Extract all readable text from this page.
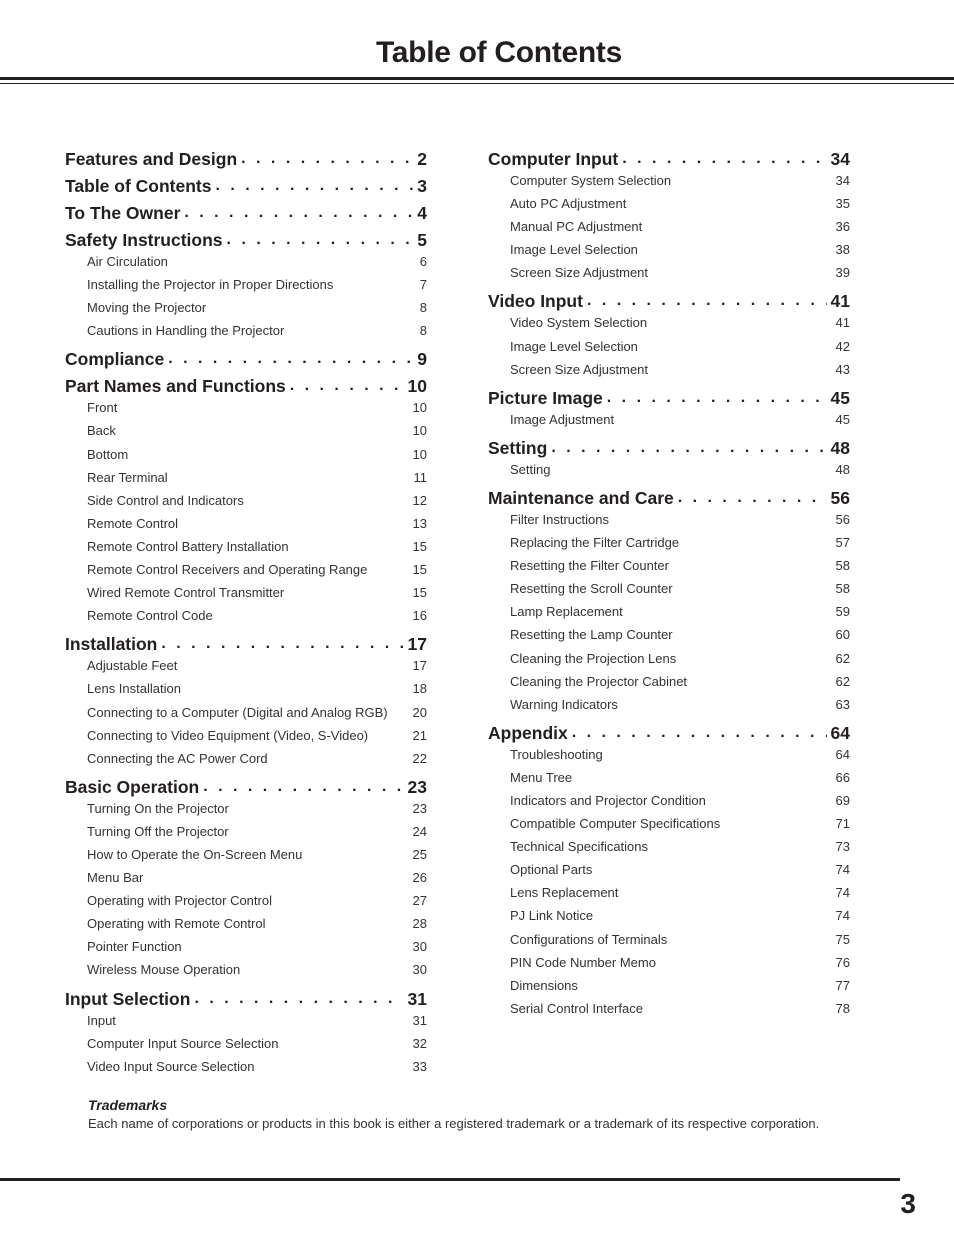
Table of Contents
Features and Design . . .	2
Table of Contents . . .	3
To The Owner . . .	4
Safety Instructions . . .	5
Air Circulation	6
Installing the Projector in Proper Directions	7
Moving the Projector	8
Cautions in Handling the Projector	8
Compliance . . .	9
Part Names and Functions . . .	10
Front	10
Back	10
Bottom	10
Rear Terminal	11
Side Control and Indicators	12
Remote Control	13
Remote Control Battery Installation	15
Remote Control Receivers and Operating Range	15
Wired Remote Control Transmitter	15
Remote Control Code	16
Installation . . .	17
Adjustable Feet	17
Lens Installation	18
Connecting to a Computer (Digital and Analog RGB) 20
Connecting to Video Equipment (Video, S-Video)	21
Connecting the AC Power Cord	22
Basic Operation . . .	23
Turning On the Projector	23
Turning Off the Projector	24
How to Operate the On-Screen Menu	25
Menu Bar	26
Operating with Projector Control	27
Operating with Remote Control	28
Pointer Function	30
Wireless Mouse Operation	30
Input Selection . . .	31
Input	31
Computer Input Source Selection	32
Video Input Source Selection	33
Computer Input . . .	34
Computer System Selection	34
Auto PC Adjustment	35
Manual PC Adjustment	36
Image Level Selection	38
Screen Size Adjustment	39
Video Input . . .	41
Video System Selection	41
Image Level Selection	42
Screen Size Adjustment	43
Picture Image . . .	45
Image Adjustment	45
Setting . . .	48
Setting	48
Maintenance and Care . . .	56
Filter Instructions	56
Replacing the Filter Cartridge	57
Resetting the Filter Counter	58
Resetting the Scroll Counter	58
Lamp Replacement	59
Resetting the Lamp Counter	60
Cleaning the Projection Lens	62
Cleaning the Projector Cabinet	62
Warning Indicators	63
Appendix . . .	64
Troubleshooting	64
Menu Tree	66
Indicators and Projector Condition	69
Compatible Computer Specifications	71
Technical Specifications	73
Optional Parts	74
Lens Replacement	74
PJ Link Notice	74
Configurations of Terminals	75
PIN Code Number Memo	76
Dimensions	77
Serial Control Interface	78

Trademarks

Each name of corporations or products in this book is either a registered trademark or a trademark of its respective corporation.

3
